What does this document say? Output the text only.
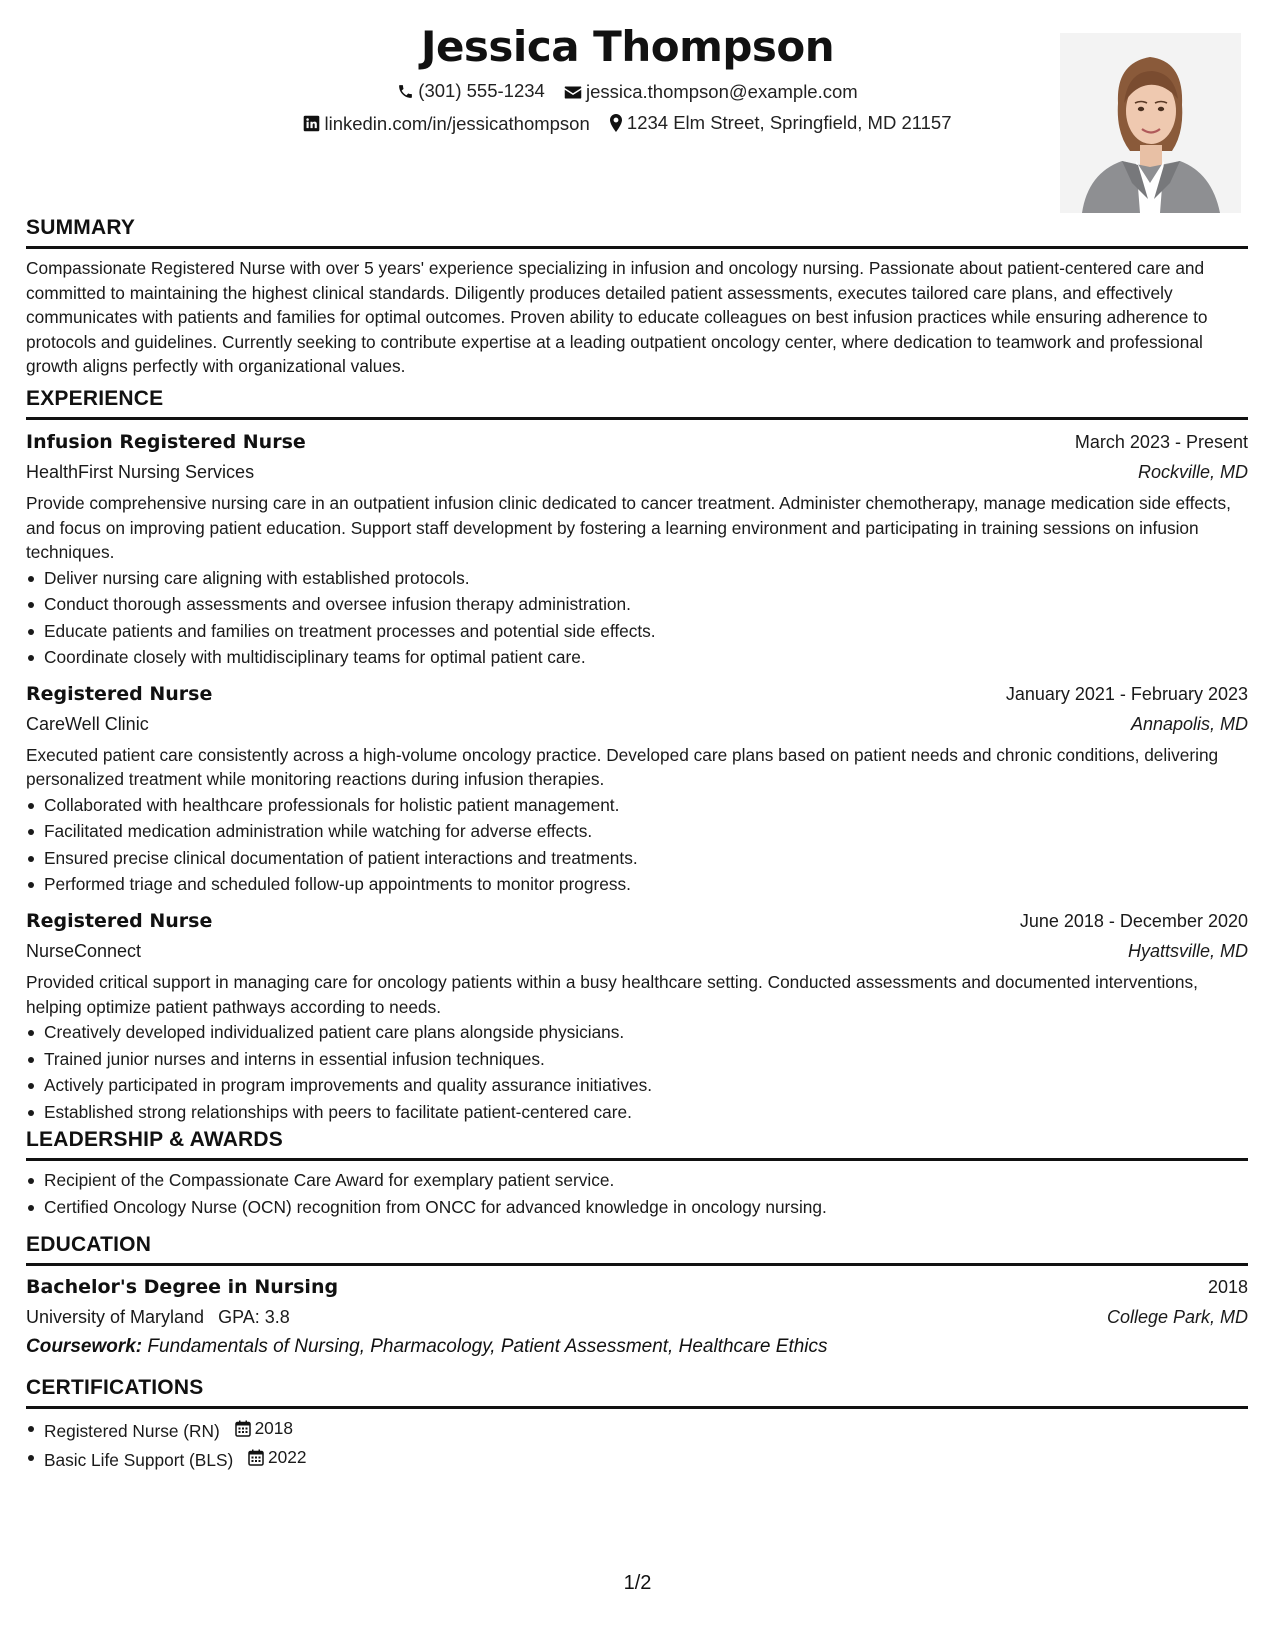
Jessica Thompson
(301) 555-1234
jessica.thompson@example.com
linkedin.com/in/jessicathompson
1234 Elm Street, Springfield, MD 21157
SUMMARY
Compassionate Registered Nurse with over 5 years' experience specializing in infusion and oncology nursing. Passionate about patient-centered care and committed to maintaining the highest clinical standards. Diligently produces detailed patient assessments, executes tailored care plans, and effectively communicates with patients and families for optimal outcomes. Proven ability to educate colleagues on best infusion practices while ensuring adherence to protocols and guidelines. Currently seeking to contribute expertise at a leading outpatient oncology center, where dedication to teamwork and professional growth aligns perfectly with organizational values.
EXPERIENCE
Infusion Registered Nurse	March 2023 - Present
HealthFirst Nursing Services	Rockville, MD
Provide comprehensive nursing care in an outpatient infusion clinic dedicated to cancer treatment. Administer chemotherapy, manage medication side effects, and focus on improving patient education. Support staff development by fostering a learning environment and participating in training sessions on infusion techniques.
Deliver nursing care aligning with established protocols.
Conduct thorough assessments and oversee infusion therapy administration.
Educate patients and families on treatment processes and potential side effects.
Coordinate closely with multidisciplinary teams for optimal patient care.
Registered Nurse	January 2021 - February 2023
CareWell Clinic	Annapolis, MD
Executed patient care consistently across a high-volume oncology practice. Developed care plans based on patient needs and chronic conditions, delivering personalized treatment while monitoring reactions during infusion therapies.
Collaborated with healthcare professionals for holistic patient management.
Facilitated medication administration while watching for adverse effects.
Ensured precise clinical documentation of patient interactions and treatments.
Performed triage and scheduled follow-up appointments to monitor progress.
Registered Nurse	June 2018 - December 2020
NurseConnect	Hyattsville, MD
Provided critical support in managing care for oncology patients within a busy healthcare setting. Conducted assessments and documented interventions, helping optimize patient pathways according to needs.
Creatively developed individualized patient care plans alongside physicians.
Trained junior nurses and interns in essential infusion techniques.
Actively participated in program improvements and quality assurance initiatives.
Established strong relationships with peers to facilitate patient-centered care.
LEADERSHIP & AWARDS
Recipient of the Compassionate Care Award for exemplary patient service.
Certified Oncology Nurse (OCN) recognition from ONCC for advanced knowledge in oncology nursing.
EDUCATION
Bachelor's Degree in Nursing	2018
University of Maryland GPA: 3.8	College Park, MD
Coursework: Fundamentals of Nursing, Pharmacology, Patient Assessment, Healthcare Ethics
CERTIFICATIONS
Registered Nurse (RN) 2018
Basic Life Support (BLS) 2022
1/2
